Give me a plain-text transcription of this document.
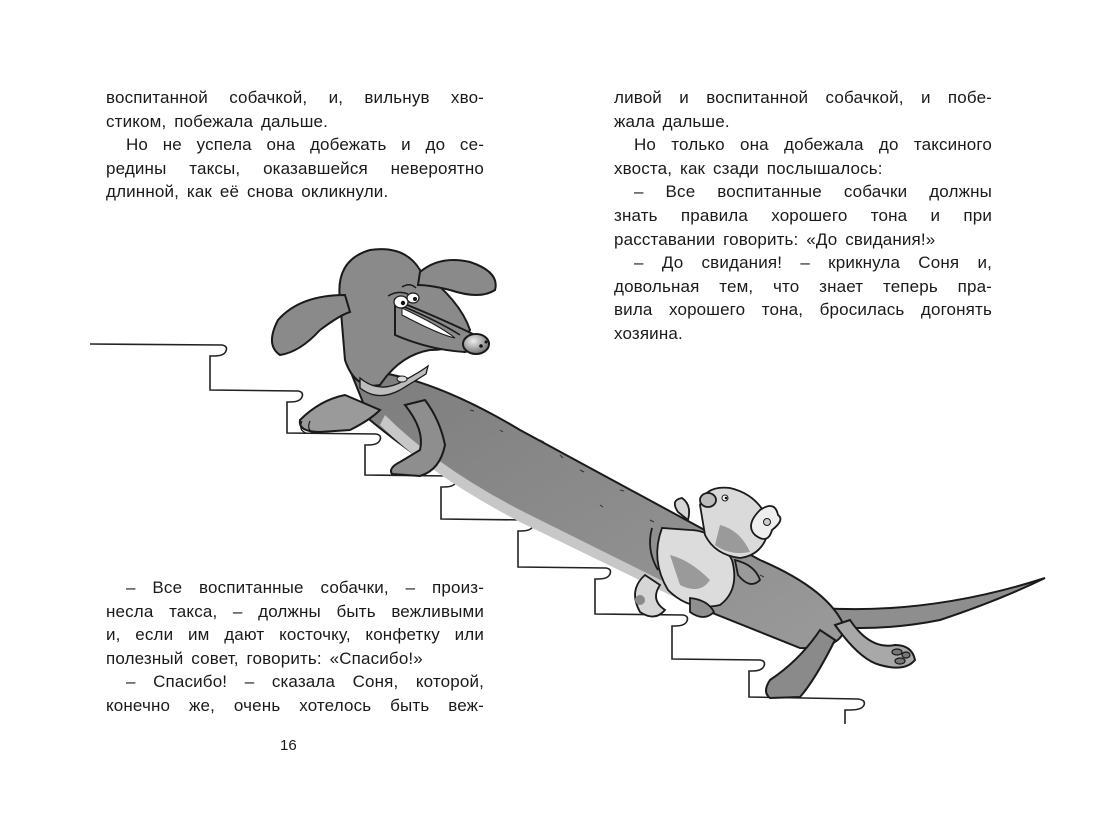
воспитанной собачкой, и, вильнув хво-
стиком, побежала дальше.

Но не успела она добежать и до се-
редины таксы, оказавшейся невероятно
длинной, как её снова окликнули.

ливой и воспитанной собачкой, и побе-
жала дальше.

Но только она добежала до таксиного
хвоста, как сзади послышалось:

– Все воспитанные собачки должны
знать правила хорошего тона и при
расставании говорить: «До свидания!»

– До свидания! – крикнула Соня и,
довольная тем, что знает теперь пра-
вила хорошего тона, бросилась догонять
хозяина.

– Все воспитанные собачки, – произ-
несла такса, – должны быть вежливыми
и, если им дают косточку, конфетку или
полезный совет, говорить: «Спасибо!»

– Спасибо! – сказала Соня, которой,
конечно же, очень хотелось быть веж-

16
